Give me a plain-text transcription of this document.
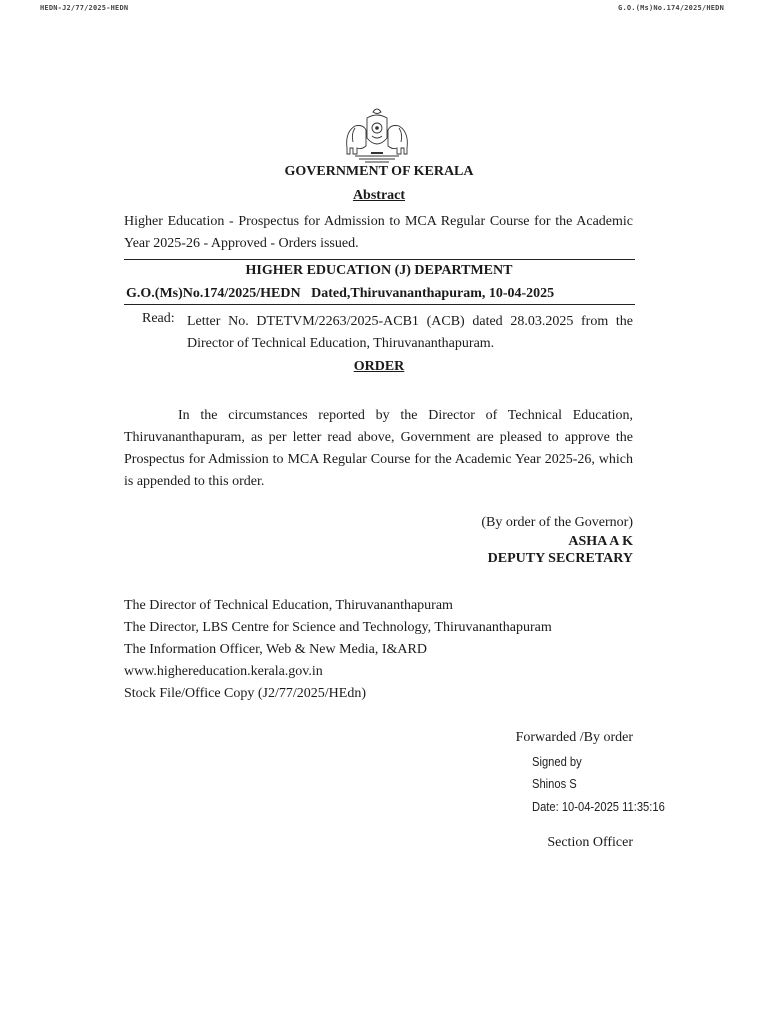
HEDN-J2/77/2025-HEDN	G.O.(Ms)No.174/2025/HEDN
GOVERNMENT OF KERALA
Abstract
Higher Education - Prospectus for Admission to MCA Regular Course for the Academic Year 2025-26 - Approved - Orders issued.
HIGHER EDUCATION (J) DEPARTMENT
G.O.(Ms)No.174/2025/HEDN   Dated,Thiruvananthapuram, 10-04-2025
Read: Letter No. DTETVM/2263/2025-ACB1 (ACB) dated 28.03.2025 from the Director of Technical Education, Thiruvananthapuram.
ORDER
In the circumstances reported by the Director of Technical Education, Thiruvananthapuram, as per letter read above, Government are pleased to approve the Prospectus for Admission to MCA Regular Course for the Academic Year 2025-26, which is appended to this order.
(By order of the Governor)
ASHA A K
DEPUTY SECRETARY
The Director of Technical Education, Thiruvananthapuram
The Director, LBS Centre for Science and Technology, Thiruvananthapuram
The Information Officer, Web & New Media, I&ARD
www.highereducation.kerala.gov.in
Stock File/Office Copy (J2/77/2025/HEdn)
Forwarded /By order
Signed by
Shinos S
Date: 10-04-2025 11:35:16
Section Officer
